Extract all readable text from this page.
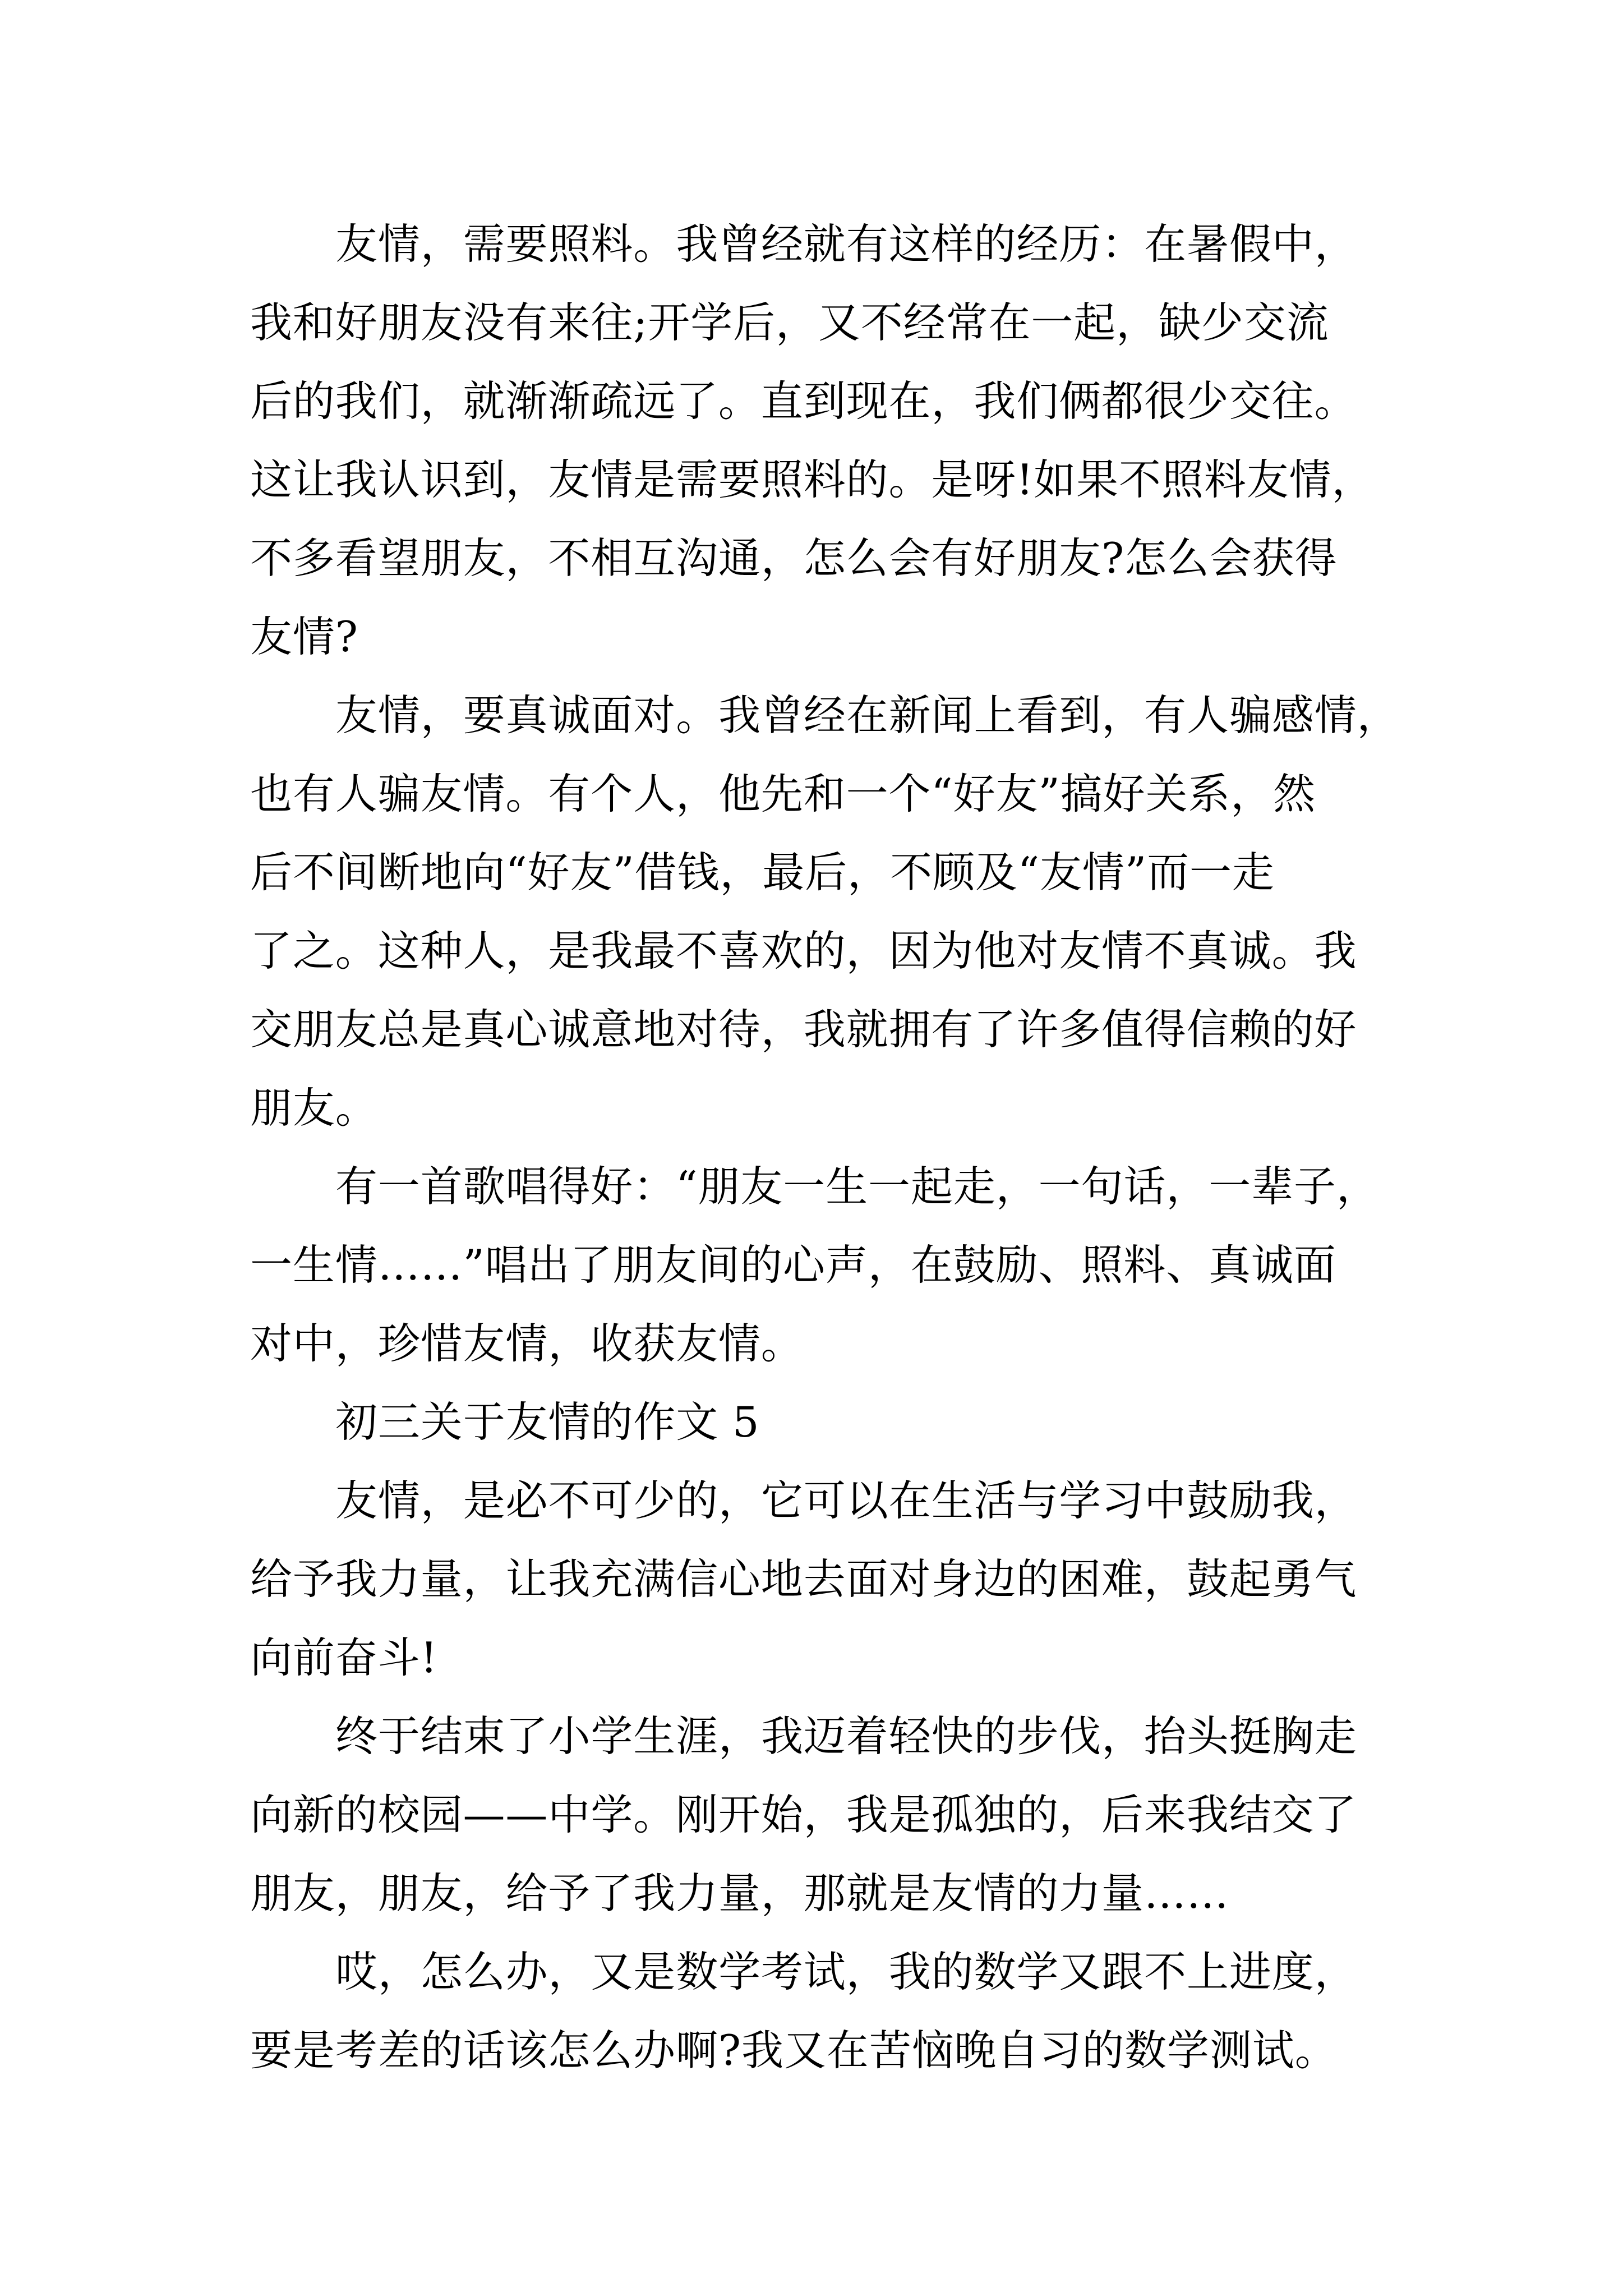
友情，需要照料。我曾经就有这样的经历：在暑假中，
我和好朋友没有来往;开学后，又不经常在一起，缺少交流
后的我们，就渐渐疏远了。直到现在，我们俩都很少交往。
这让我认识到，友情是需要照料的。是呀!如果不照料友情，
不多看望朋友，不相互沟通，怎么会有好朋友?怎么会获得
友情?
友情，要真诚面对。我曾经在新闻上看到，有人骗感情，
也有人骗友情。有个人，他先和一个“好友”搞好关系，然
后不间断地向“好友”借钱，最后，不顾及“友情”而一走
了之。这种人，是我最不喜欢的，因为他对友情不真诚。我
交朋友总是真心诚意地对待，我就拥有了许多值得信赖的好
朋友。
有一首歌唱得好：“朋友一生一起走，一句话，一辈子，
一生情……”唱出了朋友间的心声，在鼓励、照料、真诚面
对中，珍惜友情，收获友情。
初三关于友情的作文 5
友情，是必不可少的，它可以在生活与学习中鼓励我，
给予我力量，让我充满信心地去面对身边的困难，鼓起勇气
向前奋斗!
终于结束了小学生涯，我迈着轻快的步伐，抬头挺胸走
向新的校园——中学。刚开始，我是孤独的，后来我结交了
朋友，朋友，给予了我力量，那就是友情的力量……
哎，怎么办，又是数学考试，我的数学又跟不上进度，
要是考差的话该怎么办啊?我又在苦恼晚自习的数学测试。
